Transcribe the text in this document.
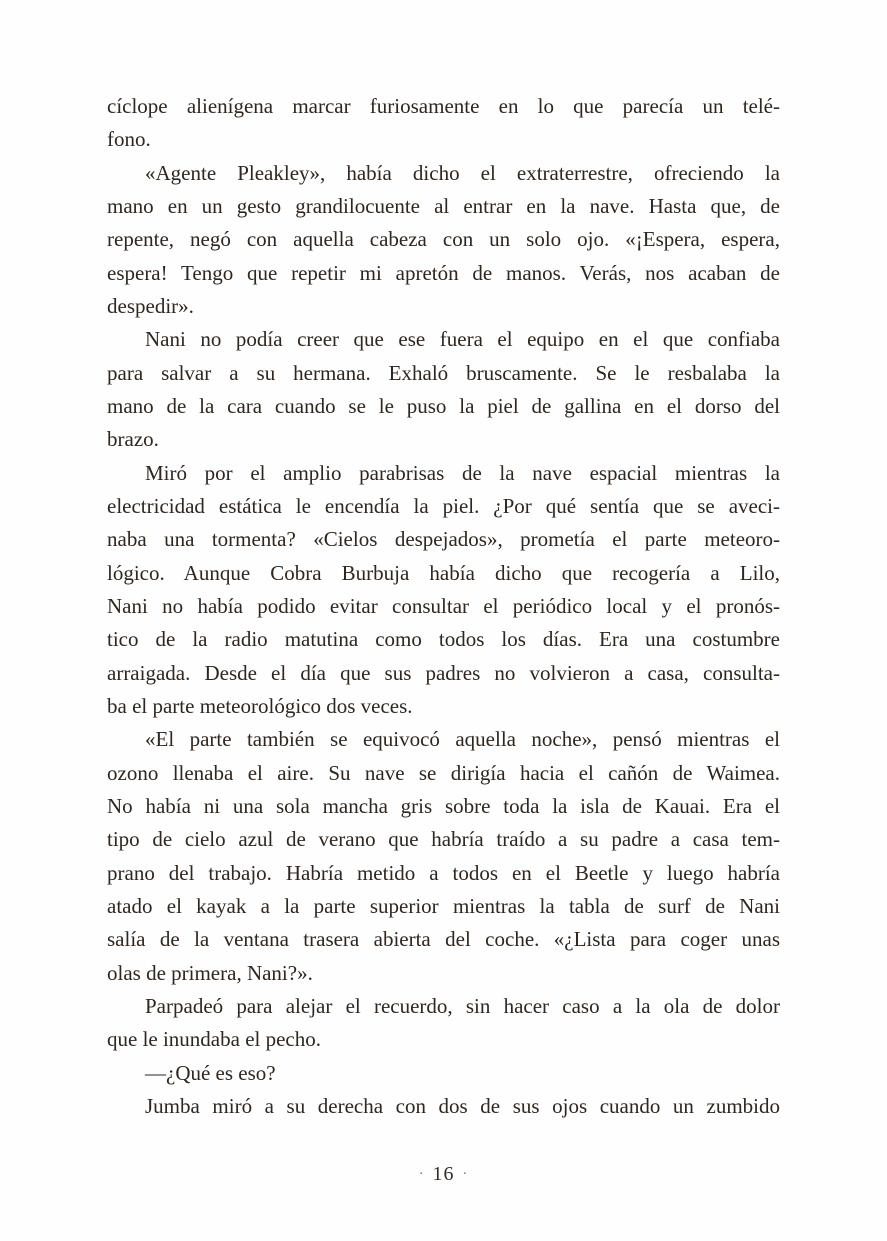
cíclope alienígena marcar furiosamente en lo que parecía un telé-
fono.
«Agente Pleakley», había dicho el extraterrestre, ofreciendo la
mano en un gesto grandilocuente al entrar en la nave. Hasta que, de
repente, negó con aquella cabeza con un solo ojo. «¡Espera, espera,
espera! Tengo que repetir mi apretón de manos. Verás, nos acaban de
despedir».
Nani no podía creer que ese fuera el equipo en el que confiaba
para salvar a su hermana. Exhaló bruscamente. Se le resbalaba la
mano de la cara cuando se le puso la piel de gallina en el dorso del
brazo.
Miró por el amplio parabrisas de la nave espacial mientras la
electricidad estática le encendía la piel. ¿Por qué sentía que se aveci-
naba una tormenta? «Cielos despejados», prometía el parte meteoro-
lógico. Aunque Cobra Burbuja había dicho que recogería a Lilo,
Nani no había podido evitar consultar el periódico local y el pronós-
tico de la radio matutina como todos los días. Era una costumbre
arraigada. Desde el día que sus padres no volvieron a casa, consulta-
ba el parte meteorológico dos veces.
«El parte también se equivocó aquella noche», pensó mientras el
ozono llenaba el aire. Su nave se dirigía hacia el cañón de Waimea.
No había ni una sola mancha gris sobre toda la isla de Kauai. Era el
tipo de cielo azul de verano que habría traído a su padre a casa tem-
prano del trabajo. Habría metido a todos en el Beetle y luego habría
atado el kayak a la parte superior mientras la tabla de surf de Nani
salía de la ventana trasera abierta del coche. «¿Lista para coger unas
olas de primera, Nani?».
Parpadeó para alejar el recuerdo, sin hacer caso a la ola de dolor
que le inundaba el pecho.
—¿Qué es eso?
Jumba miró a su derecha con dos de sus ojos cuando un zumbido
· 16 ·
